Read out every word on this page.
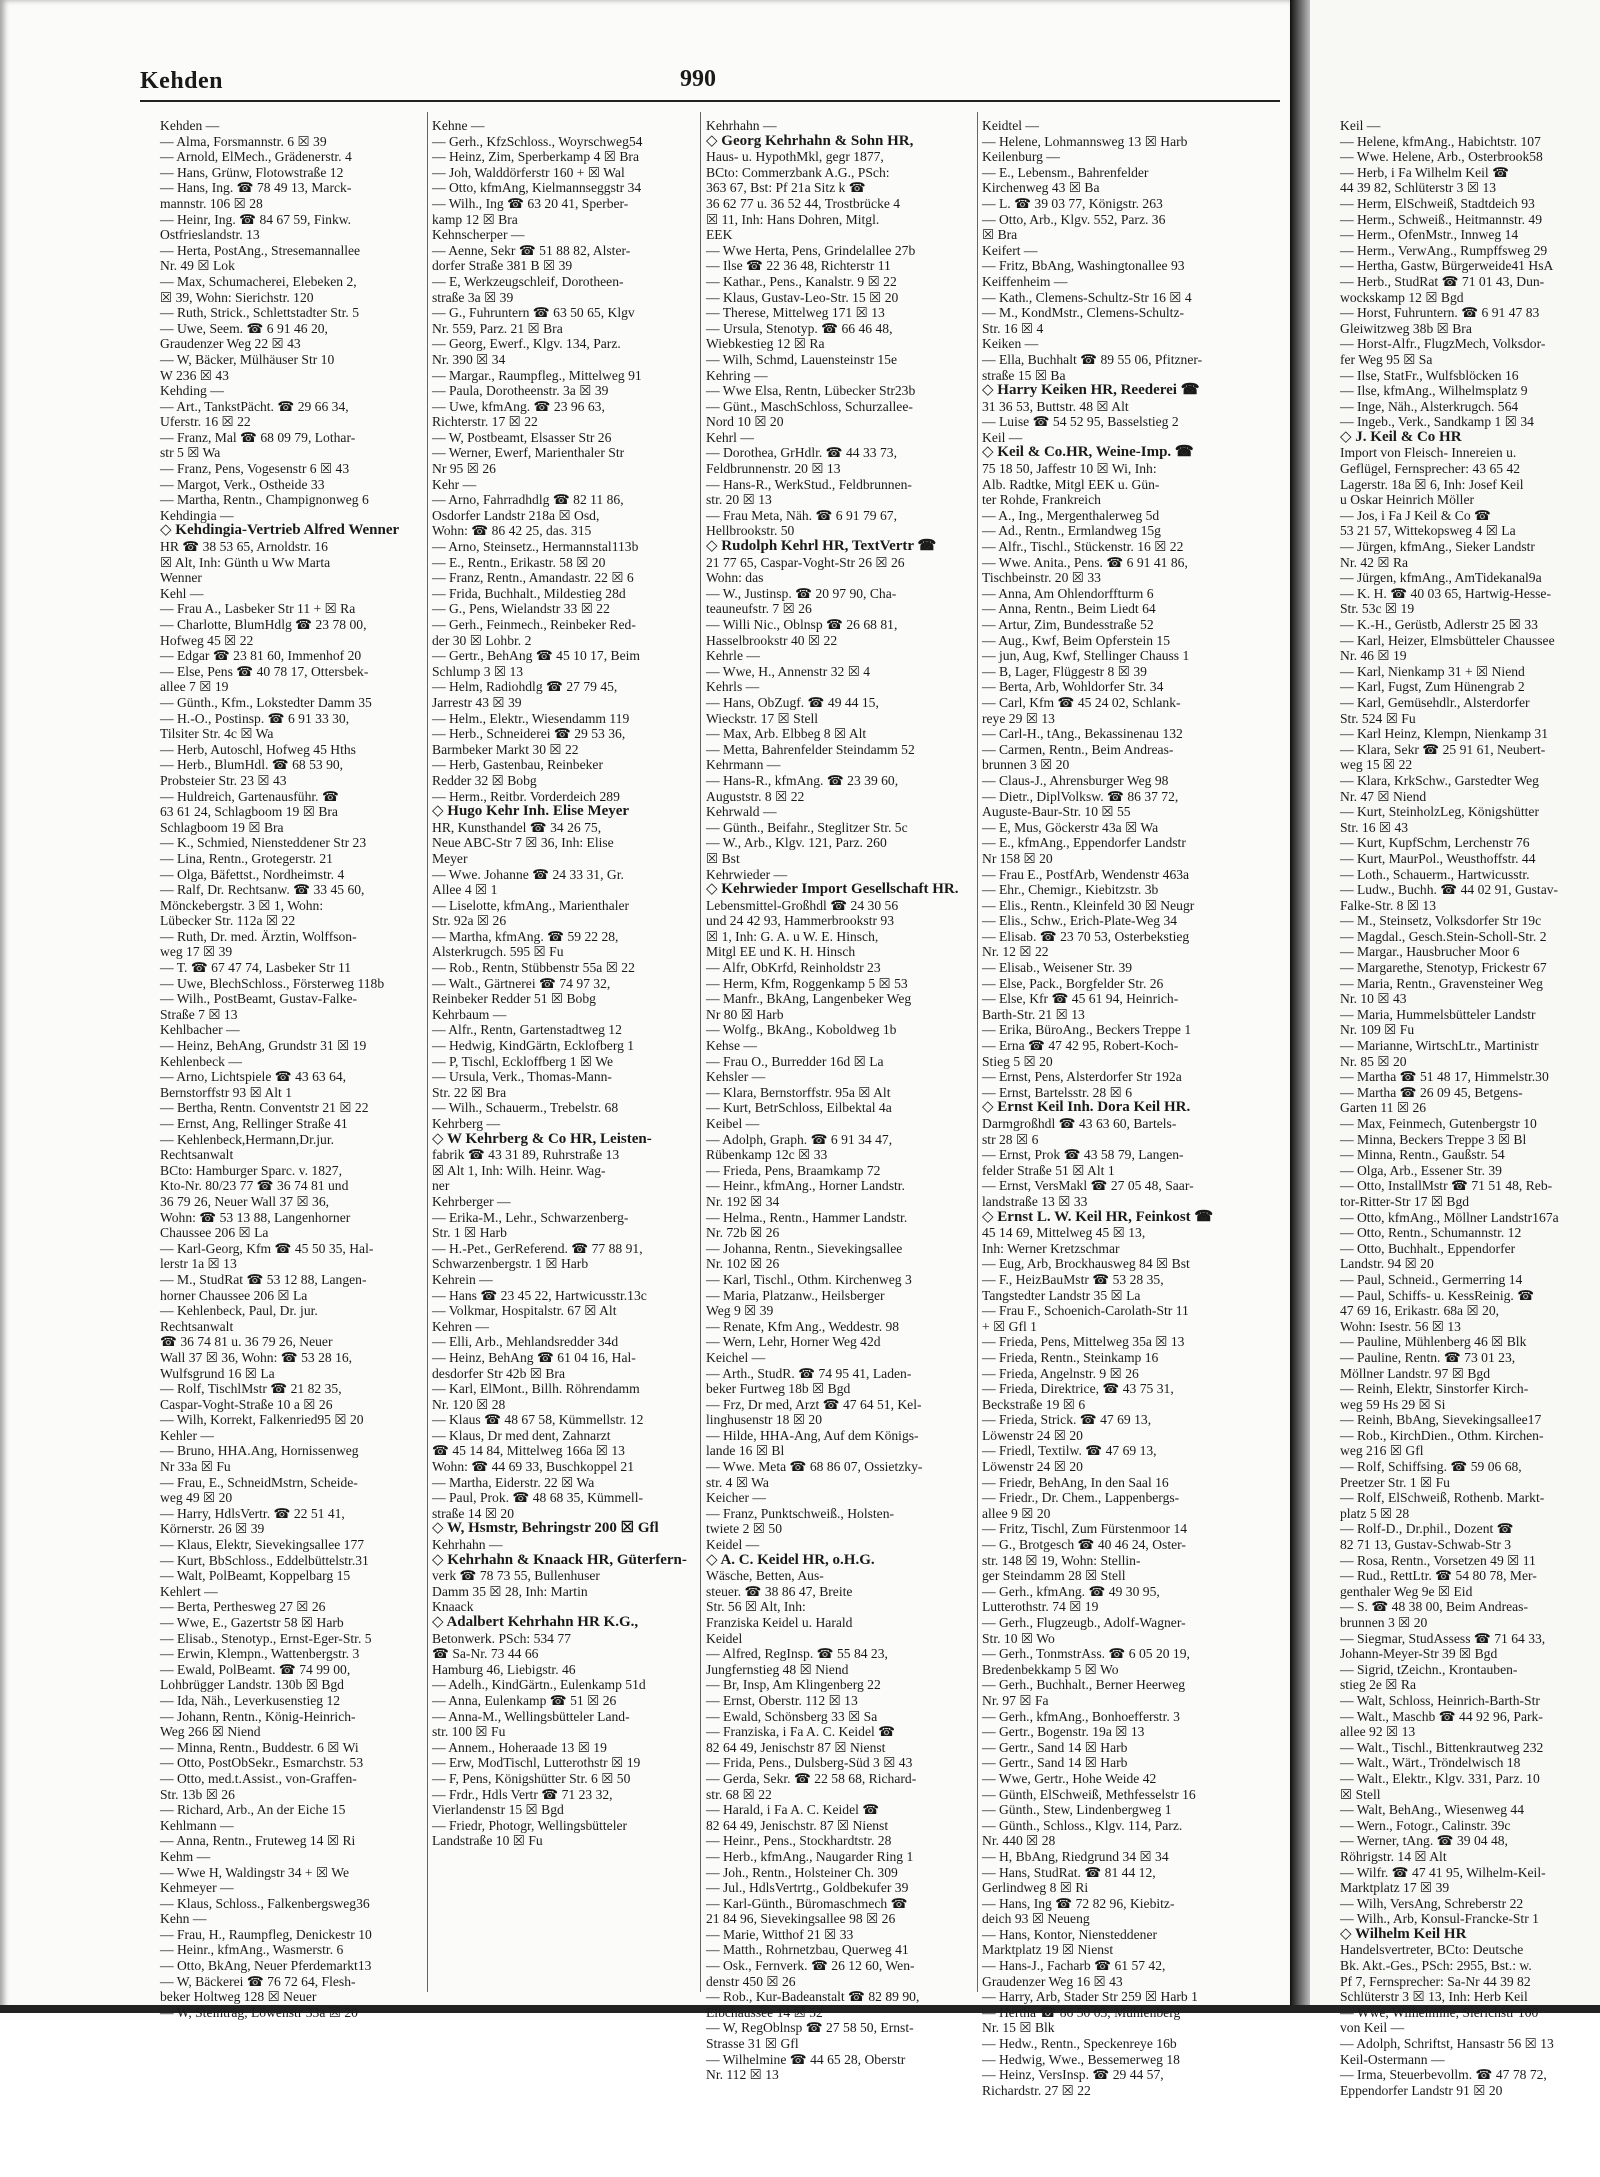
Kehden	990
Kehden —
— Alma, Forsmannstr. 6 ☒ 39
— Arnold, ElMech., Grädenerstr. 4
— Hans, Grünw, Flotowstraße 12
— Hans, Ing. ☎ 78 49 13, Marck-
mannstr. 106 ☒ 28
— Heinr, Ing. ☎ 84 67 59, Finkw.
Ostfrieslandstr. 13
— Herta, PostAng., Stresemannallee
Nr. 49 ☒ Lok
— Max, Schumacherei, Elebeken 2,
☒ 39, Wohn: Sierichstr. 120
— Ruth, Strick., Schlettstadter Str. 5
— Uwe, Seem. ☎ 6 91 46 20,
Graudenzer Weg 22 ☒ 43
— W, Bäcker, Mülhäuser Str 10
W 236 ☒ 43
Kehding —
— Art., TankstPächt. ☎ 29 66 34,
Uferstr. 16 ☒ 22
— Franz, Mal ☎ 68 09 79, Lothar-
str 5 ☒ Wa
— Franz, Pens, Vogesenstr 6 ☒ 43
— Margot, Verk., Ostheide 33
— Martha, Rentn., Champignonweg 6
Kehdingia —
◇ Kehdingia-Vertrieb Alfred Wenner
HR ☎ 38 53 65, Arnoldstr. 16
☒ Alt, Inh: Günth u Ww Marta
Wenner
Kehl —
— Frau A., Lasbeker Str 11 + ☒ Ra
— Charlotte, BlumHdlg ☎ 23 78 00,
Hofweg 45 ☒ 22
— Edgar ☎ 23 81 60, Immenhof 20
— Else, Pens ☎ 40 78 17, Ottersbek-
allee 7 ☒ 19
— Günth., Kfm., Lokstedter Damm 35
— H.-O., Postinsp. ☎ 6 91 33 30,
Tilsiter Str. 4c ☒ Wa
— Herb, Autoschl, Hofweg 45 Hths
— Herb., BlumHdl. ☎ 68 53 90,
Probsteier Str. 23 ☒ 43
— Huldreich, Gartenausführ. ☎
63 61 24, Schlagboom 19 ☒ Bra
Schlagboom 19 ☒ Bra
— K., Schmied, Niensteddener Str 23
— Lina, Rentn., Grotegerstr. 21
— Olga, Bäfettst., Nordheimstr. 4
— Ralf, Dr. Rechtsanw. ☎ 33 45 60,
Mönckebergstr. 3 ☒ 1, Wohn:
Lübecker Str. 112a ☒ 22
— Ruth, Dr. med. Ärztin, Wolffson-
weg 17 ☒ 39
— T. ☎ 67 47 74, Lasbeker Str 11
— Uwe, BlechSchloss., Försterweg 118b
— Wilh., PostBeamt, Gustav-Falke-
Straße 7 ☒ 13
Kehlbacher —
— Heinz, BehAng, Grundstr 31 ☒ 19
Kehlenbeck —
— Arno, Lichtspiele ☎ 43 63 64,
Bernstorffstr 93 ☒ Alt 1
— Bertha, Rentn. Conventstr 21 ☒ 22
— Ernst, Ang, Rellinger Straße 41
— Kehlenbeck,Hermann,Dr.jur.
Rechtsanwalt
BCto: Hamburger Sparc. v. 1827,
Kto-Nr. 80/23 77 ☎ 36 74 81 und
36 79 26, Neuer Wall 37 ☒ 36,
Wohn: ☎ 53 13 88, Langenhorner
Chaussee 206 ☒ La
— Karl-Georg, Kfm ☎ 45 50 35, Hal-
lerstr 1a ☒ 13
— M., StudRat ☎ 53 12 88, Langen-
horner Chaussee 206 ☒ La
— Kehlenbeck, Paul, Dr. jur.
Rechtsanwalt
☎ 36 74 81 u. 36 79 26, Neuer
Wall 37 ☒ 36, Wohn: ☎ 53 28 16,
Wulfsgrund 16 ☒ La
— Rolf, TischlMstr ☎ 21 82 35,
Caspar-Voght-Straße 10 a ☒ 26
— Wilh, Korrekt, Falkenried95 ☒ 20
Kehler —
— Bruno, HHA.Ang, Hornissenweg
Nr 33a ☒ Fu
— Frau, E., SchneidMstrn, Scheide-
weg 49 ☒ 20
— Harry, HdlsVertr. ☎ 22 51 41,
Körnerstr. 26 ☒ 39
— Klaus, Elektr, Sievekingsallee 177
— Kurt, BbSchloss., Eddelbüttelstr.31
— Walt, PolBeamt, Koppelbarg 15
Kehlert —
— Berta, Perthesweg 27 ☒ 26
— Wwe, E., Gazertstr 58 ☒ Harb
— Elisab., Stenotyp., Ernst-Eger-Str. 5
— Erwin, Klempn., Wattenbergstr. 3
— Ewald, PolBeamt. ☎ 74 99 00,
Lohbrügger Landstr. 130b ☒ Bgd
— Ida, Näh., Leverkusenstieg 12
— Johann, Rentn., König-Heinrich-
Weg 266 ☒ Niend
— Minna, Rentn., Buddestr. 6 ☒ Wi
— Otto, PostObSekr., Esmarchstr. 53
— Otto, med.t.Assist., von-Graffen-
Str. 13b ☒ 26
— Richard, Arb., An der Eiche 15
Kehlmann —
— Anna, Rentn., Fruteweg 14 ☒ Ri
Kehm —
— Wwe H, Waldingstr 34 + ☒ We
Kehmeyer —
— Klaus, Schloss., Falkenbergsweg36
Kehn —
— Frau, H., Raumpfleg, Denickestr 10
— Heinr., kfmAng., Wasmerstr. 6
— Otto, BkAng, Neuer Pferdemarkt13
— W, Bäckerei ☎ 76 72 64, Flesh-
beker Holtweg 128 ☒ Neuer
— W, Steinträg, Löwenstr 33a ☒ 20
Kehne —
— Gerh., KfzSchloss., Woyrschweg54
— Heinz, Zim, Sperberkamp 4 ☒ Bra
— Joh, Walddörferstr 160 + ☒ Wal
— Otto, kfmAng, Kielmannseggstr 34
— Wilh., Ing ☎ 63 20 41, Sperber-
kamp 12 ☒ Bra
Kehnscherper —
— Aenne, Sekr ☎ 51 88 82, Alster-
dorfer Straße 381 B ☒ 39
— E, Werkzeugschleif, Dorotheen-
straße 3a ☒ 39
— G., Fuhruntern ☎ 63 50 65, Klgv
Nr. 559, Parz. 21 ☒ Bra
— Georg, Ewerf., Klgv. 134, Parz.
Nr. 390 ☒ 34
— Margar., Raumpfleg., Mittelweg 91
— Paula, Dorotheenstr. 3a ☒ 39
— Uwe, kfmAng. ☎ 23 96 63,
Richterstr. 17 ☒ 22
— W, Postbeamt, Elsasser Str 26
— Werner, Ewerf, Marienthaler Str
Nr 95 ☒ 26
Kehr —
— Arno, Fahrradhdlg ☎ 82 11 86,
Osdorfer Landstr 218a ☒ Osd,
Wohn: ☎ 86 42 25, das. 315
— Arno, Steinsetz., Hermannstal113b
— E., Rentn., Erikastr. 58 ☒ 20
— Franz, Rentn., Amandastr. 22 ☒ 6
— Frida, Buchhalt., Mildestieg 28d
— G., Pens, Wielandstr 33 ☒ 22
— Gerh., Feinmech., Reinbeker Red-
der 30 ☒ Lohbr. 2
— Gertr., BehAng ☎ 45 10 17, Beim
Schlump 3 ☒ 13
— Helm, Radiohdlg ☎ 27 79 45,
Jarrestr 43 ☒ 39
— Helm., Elektr., Wiesendamm 119
— Herb., Schneiderei ☎ 29 53 36,
Barmbeker Markt 30 ☒ 22
— Herb, Gastenbau, Reinbeker
Redder 32 ☒ Bobg
— Herm., Reitbr. Vorderdeich 289
◇ Hugo Kehr Inh. Elise Meyer
HR, Kunsthandel ☎ 34 26 75,
Neue ABC-Str 7 ☒ 36, Inh: Elise
Meyer
— Wwe. Johanne ☎ 24 33 31, Gr.
Allee 4 ☒ 1
— Liselotte, kfmAng., Marienthaler
Str. 92a ☒ 26
— Martha, kfmAng. ☎ 59 22 28,
Alsterkrugch. 595 ☒ Fu
— Rob., Rentn, Stübbenstr 55a ☒ 22
— Walt., Gärtnerei ☎ 74 97 32,
Reinbeker Redder 51 ☒ Bobg
Kehrbaum —
— Alfr., Rentn, Gartenstadtweg 12
— Hedwig, KindGärtn, Ecklofberg 1
— P, Tischl, Eckloffberg 1 ☒ We
— Ursula, Verk., Thomas-Mann-
Str. 22 ☒ Bra
— Wilh., Schauerm., Trebelstr. 68
Kehrberg —
◇ W Kehrberg & Co HR, Leisten-
fabrik ☎ 43 31 89, Ruhrstraße 13
☒ Alt 1, Inh: Wilh. Heinr. Wag-
ner
Kehrberger —
— Erika-M., Lehr., Schwarzenberg-
Str. 1 ☒ Harb
— H.-Pet., GerReferend. ☎ 77 88 91,
Schwarzenbergstr. 1 ☒ Harb
Kehrein —
— Hans ☎ 23 45 22, Hartwicusstr.13c
— Volkmar, Hospitalstr. 67 ☒ Alt
Kehren —
— Elli, Arb., Mehlandsredder 34d
— Heinz, BehAng ☎ 61 04 16, Hal-
desdorfer Str 42b ☒ Bra
— Karl, ElMont., Billh. Röhrendamm
Nr. 120 ☒ 28
— Klaus ☎ 48 67 58, Kümmellstr. 12
— Klaus, Dr med dent, Zahnarzt
☎ 45 14 84, Mittelweg 166a ☒ 13
Wohn: ☎ 44 69 33, Buschkoppel 21
— Martha, Eiderstr. 22 ☒ Wa
— Paul, Prok. ☎ 48 68 35, Kümmell-
straße 14 ☒ 20
◇ W, Hsmstr, Behringstr 200 ☒ Gfl
Kehrhahn —
◇ Kehrhahn & Knaack HR, Güterfern-
verk ☎ 78 73 55, Bullenhuser
Damm 35 ☒ 28, Inh: Martin
Knaack
◇ Adalbert Kehrhahn HR K.G.,
Betonwerk. PSch: 534 77
☎ Sa-Nr. 73 44 66
Hamburg 46, Liebigstr. 46
— Adelh., KindGärtn., Eulenkamp 51d
— Anna, Eulenkamp ☎ 51 ☒ 26
— Anna-M., Wellingsbütteler Land-
str. 100 ☒ Fu
— Annem., Hoheraade 13 ☒ 19
— Erw, ModTischl, Lutterothstr ☒ 19
— F, Pens, Königshütter Str. 6 ☒ 50
— Frdr., Hdls Vertr ☎ 71 23 32,
Vierlandenstr 15 ☒ Bgd
— Friedr, Photogr, Wellingsbütteler
Landstraße 10 ☒ Fu
Kehrhahn —
◇ Georg Kehrhahn & Sohn HR,
Haus- u. HypothMkl, gegr 1877,
BCto: Commerzbank A.G., PSch:
363 67, Bst: Pf 21a Sitz k ☎
36 62 77 u. 36 52 44, Trostbrücke 4
☒ 11, Inh: Hans Dohren, Mitgl.
EEK
— Wwe Herta, Pens, Grindelallee 27b
— Ilse ☎ 22 36 48, Richterstr 11
— Kathar., Pens., Kanalstr. 9 ☒ 22
— Klaus, Gustav-Leo-Str. 15 ☒ 20
— Therese, Mittelweg 171 ☒ 13
— Ursula, Stenotyp. ☎ 66 46 48,
Wiebkestieg 12 ☒ Ra
— Wilh, Schmd, Lauensteinstr 15e
Kehring —
— Wwe Elsa, Rentn, Lübecker Str23b
— Günt., MaschSchloss, Schurzallee-
Nord 10 ☒ 20
Kehrl —
— Dorothea, GrHdlr. ☎ 44 33 73,
Feldbrunnenstr. 20 ☒ 13
— Hans-R., WerkStud., Feldbrunnen-
str. 20 ☒ 13
— Frau Meta, Näh. ☎ 6 91 79 67,
Hellbrookstr. 50
◇ Rudolph Kehrl HR, TextVertr ☎
21 77 65, Caspar-Voght-Str 26 ☒ 26
Wohn: das
— W., Justinsp. ☎ 20 97 90, Cha-
teauneufstr. 7 ☒ 26
— Willi Nic., Oblnsp ☎ 26 68 81,
Hasselbrookstr 40 ☒ 22
Kehrle —
— Wwe, H., Annenstr 32 ☒ 4
Kehrls —
— Hans, ObZugf. ☎ 49 44 15,
Wieckstr. 17 ☒ Stell
— Max, Arb. Elbbeg 8 ☒ Alt
— Metta, Bahrenfelder Steindamm 52
Kehrmann —
— Hans-R., kfmAng. ☎ 23 39 60,
Auguststr. 8 ☒ 22
Kehrwald —
— Günth., Beifahr., Steglitzer Str. 5c
— W., Arb., Klgv. 121, Parz. 260
☒ Bst
Kehrwieder —
◇ Kehrwieder Import Gesellschaft HR.
Lebensmittel-Großhdl ☎ 24 30 56
und 24 42 93, Hammerbrookstr 93
☒ 1, Inh: G. A. u W. E. Hinsch,
Mitgl EE und K. H. Hinsch
— Alfr, ObKrfd, Reinholdstr 23
— Herm, Kfm, Roggenkamp 5 ☒ 53
— Manfr., BkAng, Langenbeker Weg
Nr 80 ☒ Harb
— Wolfg., BkAng., Koboldweg 1b
Kehse —
— Frau O., Burredder 16d ☒ La
Kehsler —
— Klara, Bernstorffstr. 95a ☒ Alt
— Kurt, BetrSchloss, Eilbektal 4a
Keibel —
— Adolph, Graph. ☎ 6 91 34 47,
Rübenkamp 12c ☒ 33
— Frieda, Pens, Braamkamp 72
— Heinr., kfmAng., Horner Landstr.
Nr. 192 ☒ 34
— Helma., Rentn., Hammer Landstr.
Nr. 72b ☒ 26
— Johanna, Rentn., Sievekingsallee
Nr. 102 ☒ 26
— Karl, Tischl., Othm. Kirchenweg 3
— Maria, Platzanw., Heilsberger
Weg 9 ☒ 39
— Renate, Kfm Ang., Weddestr. 98
— Wern, Lehr, Horner Weg 42d
Keichel —
— Arth., StudR. ☎ 74 95 41, Laden-
beker Furtweg 18b ☒ Bgd
— Frz, Dr med, Arzt ☎ 47 64 51, Kel-
linghusenstr 18 ☒ 20
— Hilde, HHA-Ang, Auf dem Königs-
lande 16 ☒ Bl
— Wwe. Meta ☎ 68 86 07, Ossietzky-
str. 4 ☒ Wa
Keicher —
— Franz, Punktschweiß., Holsten-
twiete 2 ☒ 50
Keidel —
◇ A. C. Keidel HR, o.H.G.
Wäsche, Betten, Aus-
steuer. ☎ 38 86 47, Breite
Str. 56 ☒ Alt, Inh:
Franziska Keidel u. Harald
Keidel
— Alfred, RegInsp. ☎ 55 84 23,
Jungfernstieg 48 ☒ Niend
— Br, Insp, Am Klingenberg 22
— Ernst, Oberstr. 112 ☒ 13
— Ewald, Schönsberg 33 ☒ Sa
— Franziska, i Fa A. C. Keidel ☎
82 64 49, Jenischstr 87 ☒ Nienst
— Frida, Pens., Dulsberg-Süd 3 ☒ 43
— Gerda, Sekr. ☎ 22 58 68, Richard-
str. 68 ☒ 22
— Harald, i Fa A. C. Keidel ☎
82 64 49, Jenischstr. 87 ☒ Nienst
— Heinr., Pens., Stockhardtstr. 28
— Herb., kfmAng., Naugarder Ring 1
— Joh., Rentn., Holsteiner Ch. 309
— Jul., HdlsVertrtg., Goldbekufer 39
— Karl-Günth., Büromaschmech ☎
21 84 96, Sievekingsallee 98 ☒ 26
— Marie, Witthof 21 ☒ 33
— Matth., Rohrnetzbau, Querweg 41
— Osk., Fernverk. ☎ 26 12 60, Wen-
denstr 450 ☒ 26
— Rob., Kur-Badeanstalt ☎ 82 89 90,
Elbchaussee 14 ☒ 52
— W, RegOblnsp ☎ 27 58 50, Ernst-
Strasse 31 ☒ Gfl
— Wilhelmine ☎ 44 65 28, Oberstr
Nr. 112 ☒ 13
Keidtel —
— Helene, Lohmannsweg 13 ☒ Harb
Keilenburg —
— E., Lebensm., Bahrenfelder
Kirchenweg 43 ☒ Ba
— L. ☎ 39 03 77, Königstr. 263
— Otto, Arb., Klgv. 552, Parz. 36
☒ Bra
Keifert —
— Fritz, BbAng, Washingtonallee 93
Keiffenheim —
— Kath., Clemens-Schultz-Str 16 ☒ 4
— M., KondMstr., Clemens-Schultz-
Str. 16 ☒ 4
Keiken —
— Ella, Buchhalt ☎ 89 55 06, Pfitzner-
straße 15 ☒ Ba
◇ Harry Keiken HR, Reederei ☎
31 36 53, Buttstr. 48 ☒ Alt
— Luise ☎ 54 52 95, Basselstieg 2
Keil —
◇ Keil & Co.HR, Weine-Imp. ☎
75 18 50, Jaffestr 10 ☒ Wi, Inh:
Alb. Radtke, Mitgl EEK u. Gün-
ter Rohde, Frankreich
— A., Ing., Mergenthalerweg 5d
— Ad., Rentn., Ermlandweg 15g
— Alfr., Tischl., Stückenstr. 16 ☒ 22
— Wwe. Anita., Pens. ☎ 6 91 41 86,
Tischbeinstr. 20 ☒ 33
— Anna, Am Ohlendorffturm 6
— Anna, Rentn., Beim Liedt 64
— Artur, Zim, Bundesstraße 52
— Aug., Kwf, Beim Opferstein 15
— jun, Aug, Kwf, Stellinger Chauss 1
— B, Lager, Flüggestr 8 ☒ 39
— Berta, Arb, Wohldorfer Str. 34
— Carl, Kfm ☎ 45 24 02, Schlank-
reye 29 ☒ 13
— Carl-H., tAng., Bekassinenau 132
— Carmen, Rentn., Beim Andreas-
brunnen 3 ☒ 20
— Claus-J., Ahrensburger Weg 98
— Dietr., DiplVolksw. ☎ 86 37 72,
Auguste-Baur-Str. 10 ☒ 55
— E, Mus, Göckerstr 43a ☒ Wa
— E., kfmAng., Eppendorfer Landstr
Nr 158 ☒ 20
— Frau E., PostfArb, Wendenstr 463a
— Ehr., Chemigr., Kiebitzstr. 3b
— Elis., Rentn., Kleinfeld 30 ☒ Neugr
— Elis., Schw., Erich-Plate-Weg 34
— Elisab. ☎ 23 70 53, Osterbekstieg
Nr. 12 ☒ 22
— Elisab., Weisener Str. 39
— Else, Pack., Borgfelder Str. 26
— Else, Kfr ☎ 45 61 94, Heinrich-
Barth-Str. 21 ☒ 13
— Erika, BüroAng., Beckers Treppe 1
— Erna ☎ 47 42 95, Robert-Koch-
Stieg 5 ☒ 20
— Ernst, Pens, Alsterdorfer Str 192a
— Ernst, Bartelsstr. 28 ☒ 6
◇ Ernst Keil Inh. Dora Keil HR.
Darmgroßhdl ☎ 43 63 60, Bartels-
str 28 ☒ 6
— Ernst, Prok ☎ 43 58 79, Langen-
felder Straße 51 ☒ Alt 1
— Ernst, VersMakl ☎ 27 05 48, Saar-
landstraße 13 ☒ 33
◇ Ernst L. W. Keil HR, Feinkost ☎
45 14 69, Mittelweg 45 ☒ 13,
Inh: Werner Kretzschmar
— Eug, Arb, Brockhausweg 84 ☒ Bst
— F., HeizBauMstr ☎ 53 28 35,
Tangstedter Landstr 35 ☒ La
— Frau F., Schoenich-Carolath-Str 11
+ ☒ Gfl 1
— Frieda, Pens, Mittelweg 35a ☒ 13
— Frieda, Rentn., Steinkamp 16
— Frieda, Angelnstr. 9 ☒ 26
— Frieda, Direktrice, ☎ 43 75 31,
Beckstraße 19 ☒ 6
— Frieda, Strick. ☎ 47 69 13,
Löwenstr 24 ☒ 20
— Friedl, Textilw. ☎ 47 69 13,
Löwenstr 24 ☒ 20
— Friedr, BehAng, In den Saal 16
— Friedr., Dr. Chem., Lappenbergs-
allee 9 ☒ 20
— Fritz, Tischl, Zum Fürstenmoor 14
— G., Brotgesch ☎ 40 46 24, Oster-
str. 148 ☒ 19, Wohn: Stellin-
ger Steindamm 28 ☒ Stell
— Gerh., kfmAng. ☎ 49 30 95,
Lutterothstr. 74 ☒ 19
— Gerh., Flugzeugb., Adolf-Wagner-
Str. 10 ☒ Wo
— Gerh., TonmstrAss. ☎ 6 05 20 19,
Bredenbekkamp 5 ☒ Wo
— Gerh., Buchhalt., Berner Heerweg
Nr. 97 ☒ Fa
— Gerh., kfmAng., Bonhoefferstr. 3
— Gertr., Bogenstr. 19a ☒ 13
— Gertr., Sand 14 ☒ Harb
— Gertr., Sand 14 ☒ Harb
— Wwe, Gertr., Hohe Weide 42
— Günth, ElSchweiß, Methfesselstr 16
— Günth., Stew, Lindenbergweg 1
— Günth., Schloss., Klgv. 114, Parz.
Nr. 440 ☒ 28
— H, BbAng, Riedgrund 34 ☒ 34
— Hans, StudRat. ☎ 81 44 12,
Gerlindweg 8 ☒ Ri
— Hans, Ing ☎ 72 82 96, Kiebitz-
deich 93 ☒ Neueng
— Hans, Kontor, Niensteddener
Marktplatz 19 ☒ Nienst
— Hans-J., Facharb ☎ 61 57 42,
Graudenzer Weg 16 ☒ 43
— Harry, Arb, Stader Str 259 ☒ Harb 1
— Hertha ☎ 86 50 03, Mühlenberg
Nr. 15 ☒ Blk
— Hedw., Rentn., Speckenreye 16b
— Hedwig, Wwe., Bessemerweg 18
— Heinz, VersInsp. ☎ 29 44 57,
Richardstr. 27 ☒ 22
Keil —
— Helene, kfmAng., Habichtstr. 107
— Wwe. Helene, Arb., Osterbrook58
— Herb, i Fa Wilhelm Keil ☎
44 39 82, Schlüterstr 3 ☒ 13
— Herm, ElSchweiß, Stadtdeich 93
— Herm., Schweiß., Heitmannstr. 49
— Herm., OfenMstr., Innweg 14
— Herm., VerwAng., Rumpffsweg 29
— Hertha, Gastw, Bürgerweide41 HsA
— Herb., StudRat ☎ 71 01 43, Dun-
wockskamp 12 ☒ Bgd
— Horst, Fuhruntern. ☎ 6 91 47 83
Gleiwitzweg 38b ☒ Bra
— Horst-Alfr., FlugzMech, Volksdor-
fer Weg 95 ☒ Sa
— Ilse, StatFr., Wulfsblöcken 16
— Ilse, kfmAng., Wilhelmsplatz 9
— Inge, Näh., Alsterkrugch. 564
— Ingeb., Verk., Sandkamp 1 ☒ 34
◇ J. Keil & Co HR
Import von Fleisch- Innereien u.
Geflügel, Fernsprecher: 43 65 42
Lagerstr. 18a ☒ 6, Inh: Josef Keil
u Oskar Heinrich Möller
— Jos, i Fa J Keil & Co ☎
53 21 57, Wittekopsweg 4 ☒ La
— Jürgen, kfmAng., Sieker Landstr
Nr. 42 ☒ Ra
— Jürgen, kfmAng., AmTidekanal9a
— K. H. ☎ 40 03 65, Hartwig-Hesse-
Str. 53c ☒ 19
— K.-H., Gerüstb, Adlerstr 25 ☒ 33
— Karl, Heizer, Elmsbütteler Chaussee
Nr. 46 ☒ 19
— Karl, Nienkamp 31 + ☒ Niend
— Karl, Fugst, Zum Hünengrab 2
— Karl, Gemüsehdlr., Alsterdorfer
Str. 524 ☒ Fu
— Karl Heinz, Klempn, Nienkamp 31
— Klara, Sekr ☎ 25 91 61, Neubert-
weg 15 ☒ 22
— Klara, KrkSchw., Garstedter Weg
Nr. 47 ☒ Niend
— Kurt, SteinholzLeg, Königshütter
Str. 16 ☒ 43
— Kurt, KupfSchm, Lerchenstr 76
— Kurt, MaurPol., Weusthoffstr. 44
— Loth., Schauerm., Hartwicusstr.
— Ludw., Buchh. ☎ 44 02 91, Gustav-
Falke-Str. 8 ☒ 13
— M., Steinsetz, Volksdorfer Str 19c
— Magdal., Gesch.Stein-Scholl-Str. 2
— Margar., Hausbrucher Moor 6
— Margarethe, Stenotyp, Frickestr 67
— Maria, Rentn., Gravensteiner Weg
Nr. 10 ☒ 43
— Maria, Hummelsbütteler Landstr
Nr. 109 ☒ Fu
— Marianne, WirtschLtr., Martinistr
Nr. 85 ☒ 20
— Martha ☎ 51 48 17, Himmelstr.30
— Martha ☎ 26 09 45, Betgens-
Garten 11 ☒ 26
— Max, Feinmech, Gutenbergstr 10
— Minna, Beckers Treppe 3 ☒ Bl
— Minna, Rentn., Gaußstr. 54
— Olga, Arb., Essener Str. 39
— Otto, InstallMstr ☎ 71 51 48, Reb-
tor-Ritter-Str 17 ☒ Bgd
— Otto, kfmAng., Möllner Landstr167a
— Otto, Rentn., Schumannstr. 12
— Otto, Buchhalt., Eppendorfer
Landstr. 94 ☒ 20
— Paul, Schneid., Germerring 14
— Paul, Schiffs- u. KessReinig. ☎
47 69 16, Erikastr. 68a ☒ 20,
Wohn: Isestr. 56 ☒ 13
— Pauline, Mühlenberg 46 ☒ Blk
— Pauline, Rentn. ☎ 73 01 23,
Möllner Landstr. 97 ☒ Bgd
— Reinh, Elektr, Sinstorfer Kirch-
weg 59 Hs 29 ☒ Si
— Reinh, BbAng, Sievekingsallee17
— Rob., KirchDien., Othm. Kirchen-
weg 216 ☒ Gfl
— Rolf, Schiffsing. ☎ 59 06 68,
Preetzer Str. 1 ☒ Fu
— Rolf, ElSchweiß, Rothenb. Markt-
platz 5 ☒ 28
— Rolf-D., Dr.phil., Dozent ☎
82 71 13, Gustav-Schwab-Str 3
— Rosa, Rentn., Vorsetzen 49 ☒ 11
— Rud., RettLtr. ☎ 54 80 78, Mer-
genthaler Weg 9e ☒ Eid
— S. ☎ 48 38 00, Beim Andreas-
brunnen 3 ☒ 20
— Siegmar, StudAssess ☎ 71 64 33,
Johann-Meyer-Str 39 ☒ Bgd
— Sigrid, tZeichn., Krontauben-
stieg 2e ☒ Ra
— Walt, Schloss, Heinrich-Barth-Str
— Walt., Maschb ☎ 44 92 96, Park-
allee 92 ☒ 13
— Walt., Tischl., Bittenkrautweg 232
— Walt., Wärt., Tröndelwisch 18
— Walt., Elektr., Klgv. 331, Parz. 10
☒ Stell
— Walt, BehAng., Wiesenweg 44
— Wern., Fotogr., Calinstr. 39c
— Werner, tAng. ☎ 39 04 48,
Röhrigstr. 14 ☒ Alt
— Wilfr. ☎ 47 41 95, Wilhelm-Keil-
Marktplatz 17 ☒ 39
— Wilh, VersAng, Schreberstr 22
— Wilh., Arb, Konsul-Francke-Str 1
◇ Wilhelm Keil HR
Handelsvertreter, BCto: Deutsche
Bk. Akt.-Ges., PSch: 2955, Bst.: w.
Pf 7, Fernsprecher: Sa-Nr 44 39 82
Schlüterstr 3 ☒ 13, Inh: Herb Keil
— Wwe, Wilhelmine, Sierichstr 100
von Keil —
— Adolph, Schriftst, Hansastr 56 ☒ 13
Keil-Ostermann —
— Irma, Steuerbevollm. ☎ 47 78 72,
Eppendorfer Landstr 91 ☒ 20
